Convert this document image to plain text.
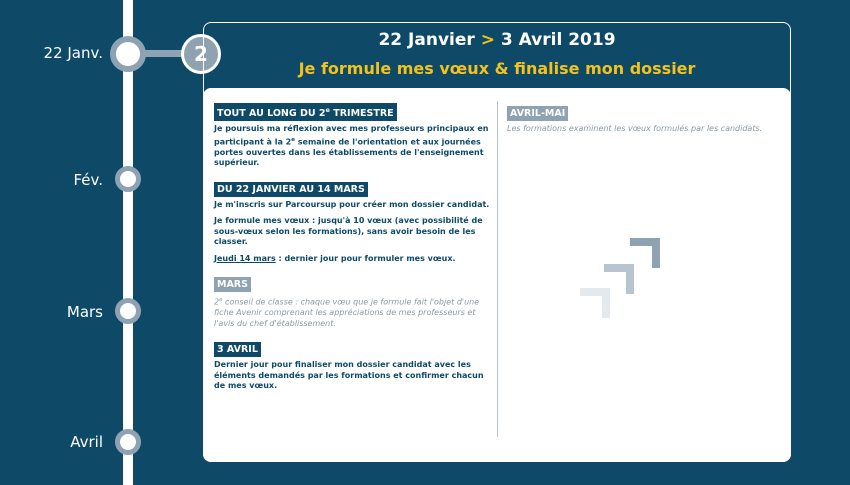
22 Janv.
Fév.
Mars
Avril
2
22 Janvier > 3 Avril 2019
Je formule mes vœux & finalise mon dossier
TOUT AU LONG DU 2e TRIMESTRE

Je poursuis ma réflexion avec mes professeurs principaux en participant à la 2e semaine de l'orientation et aux journées portes ouvertes dans les établissements de l'enseignement supérieur.

DU 22 JANVIER AU 14 MARS

Je m'inscris sur Parcoursup pour créer mon dossier candidat.

Je formule mes vœux : jusqu'à 10 vœux (avec possibilité de sous-vœux selon les formations), sans avoir besoin de les classer.

Jeudi 14 mars : dernier jour pour formuler mes vœux.

MARS

2e conseil de classe : chaque vœu que je formule fait l'objet d'une fiche Avenir comprenant les appréciations de mes professeurs et l'avis du chef d'établissement.

3 AVRIL

Dernier jour pour finaliser mon dossier candidat avec les éléments demandés par les formations et confirmer chacun de mes vœux.

AVRIL-MAI

Les formations examinent les vœux formulés par les candidats.
